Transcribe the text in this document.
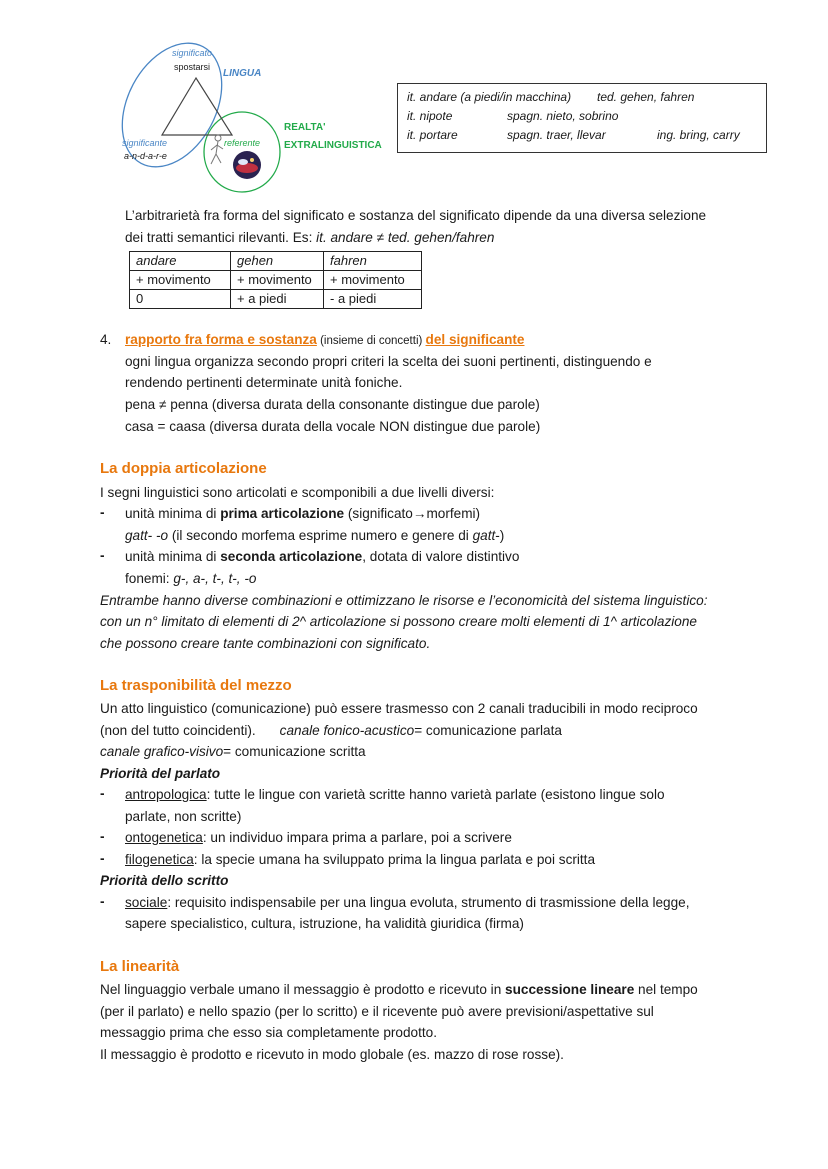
significato
spostarsi
LINGUA
significante
a-n-d-a-r-e
referente
REALTA'
EXTRALINGUISTICA
it. andare (a piedi/in macchina) ted. gehen, fahren
it. nipote	spagn. nieto, sobrino
it. portare	spagn. traer, llevar	ing. bring, carry
L’arbitrarietà fra forma del significato e sostanza del significato dipende da una diversa selezione
dei tratti semantici rilevanti. Es: it. andare ≠ ted. gehen/fahren
andare	gehen	fahren
+ movimento	+ movimento	+ movimento
0	+ a piedi	- a piedi
4. rapporto fra forma e sostanza (insieme di concetti) del significante
ogni lingua organizza secondo propri criteri la scelta dei suoni pertinenti, distinguendo e
rendendo pertinenti determinate unità foniche.
pena ≠ penna (diversa durata della consonante distingue due parole)
casa = caasa (diversa durata della vocale NON distingue due parole)
La doppia articolazione
I segni linguistici sono articolati e scomponibili a due livelli diversi:
- unità minima di prima articolazione (significato→morfemi)
gatt- -o (il secondo morfema esprime numero e genere di gatt-)
- unità minima di seconda articolazione, dotata di valore distintivo
fonemi: g-, a-, t-, t-, -o
Entrambe hanno diverse combinazioni e ottimizzano le risorse e l’economicità del sistema linguistico:
con un n° limitato di elementi di 2^ articolazione si possono creare molti elementi di 1^ articolazione
che possono creare tante combinazioni con significato.
La trasponibilità del mezzo
Un atto linguistico (comunicazione) può essere trasmesso con 2 canali traducibili in modo reciproco
(non del tutto coincidenti). canale fonico-acustico= comunicazione parlata
canale grafico-visivo= comunicazione scritta
Priorità del parlato
- antropologica: tutte le lingue con varietà scritte hanno varietà parlate (esistono lingue solo
parlate, non scritte)
- ontogenetica: un individuo impara prima a parlare, poi a scrivere
- filogenetica: la specie umana ha sviluppato prima la lingua parlata e poi scritta
Priorità dello scritto
- sociale: requisito indispensabile per una lingua evoluta, strumento di trasmissione della legge,
sapere specialistico, cultura, istruzione, ha validità giuridica (firma)
La linearità
Nel linguaggio verbale umano il messaggio è prodotto e ricevuto in successione lineare nel tempo
(per il parlato) e nello spazio (per lo scritto) e il ricevente può avere previsioni/aspettative sul
messaggio prima che esso sia completamente prodotto.
Il messaggio è prodotto e ricevuto in modo globale (es. mazzo di rose rosse).
